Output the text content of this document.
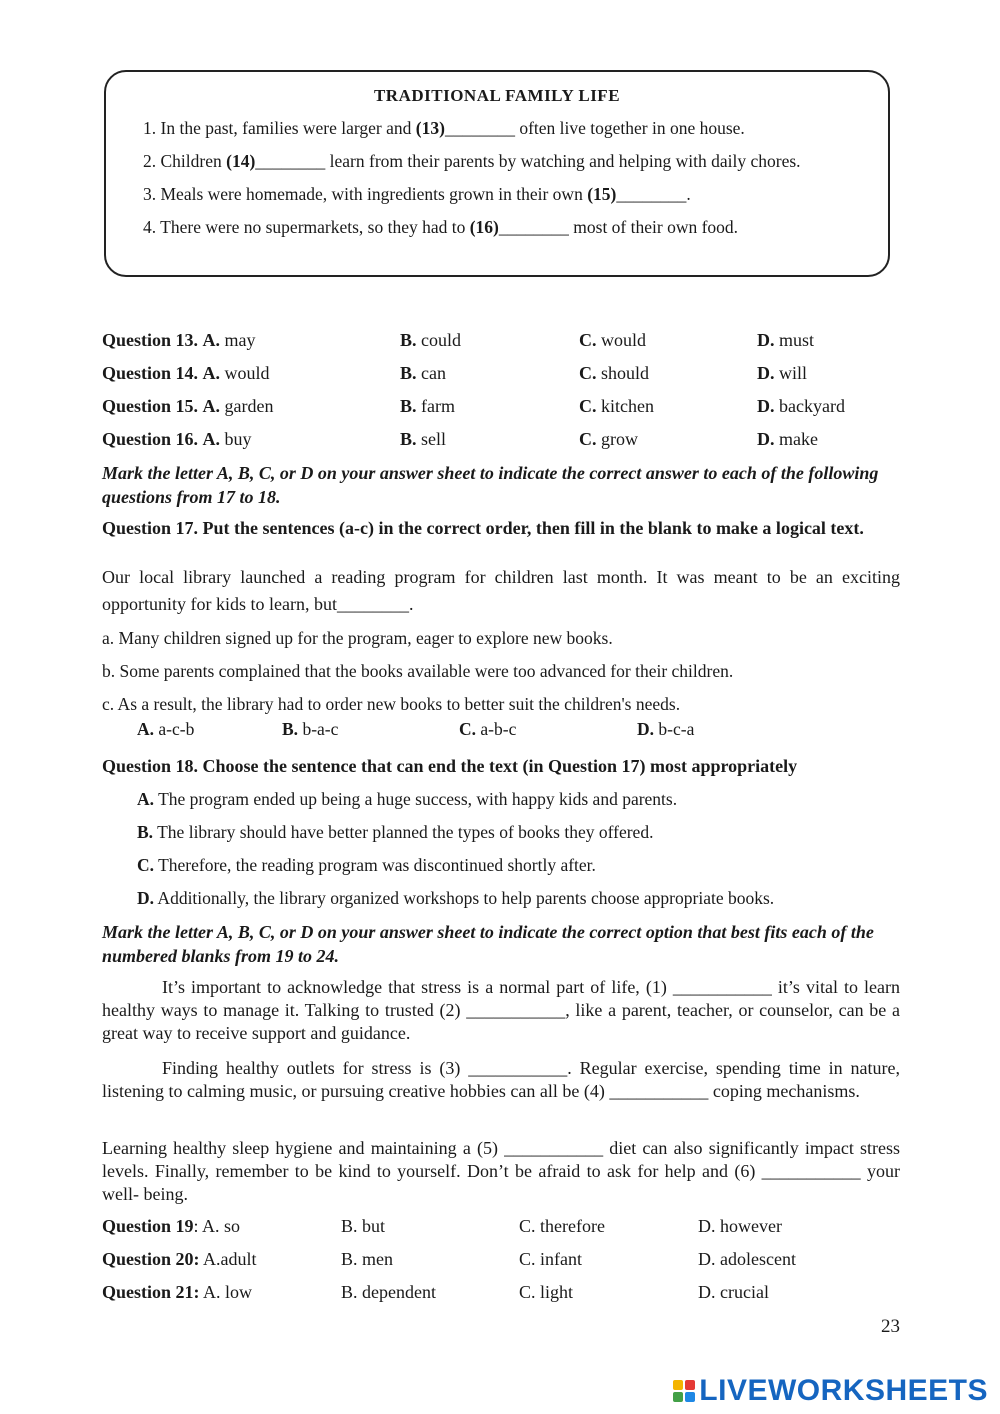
TRADITIONAL FAMILY LIFE
1. In the past, families were larger and (13)________ often live together in one house.
2. Children (14)________ learn from their parents by watching and helping with daily chores.
3. Meals were homemade, with ingredients grown in their own (15)________.
4. There were no supermarkets, so they had to (16)________ most of their own food.
Question 13. A. may	B. could	C. would	D. must
Question 14. A. would	B. can	C. should	D. will
Question 15. A. garden	B. farm	C. kitchen	D. backyard
Question 16. A. buy	B. sell	C. grow	D. make
Mark the letter A, B, C, or D on your answer sheet to indicate the correct answer to each of the following questions from 17 to 18.
Question 17. Put the sentences (a-c) in the correct order, then fill in the blank to make a logical text.
Our local library launched a reading program for children last month. It was meant to be an exciting opportunity for kids to learn, but________.
a. Many children signed up for the program, eager to explore new books.
b. Some parents complained that the books available were too advanced for their children.
c. As a result, the library had to order new books to better suit the children's needs.
A. a-c-b	B. b-a-c	C. a-b-c	D. b-c-a
Question 18. Choose the sentence that can end the text (in Question 17) most appropriately
A. The program ended up being a huge success, with happy kids and parents.
B. The library should have better planned the types of books they offered.
C. Therefore, the reading program was discontinued shortly after.
D. Additionally, the library organized workshops to help parents choose appropriate books.
Mark the letter A, B, C, or D on your answer sheet to indicate the correct option that best fits each of the numbered blanks from 19 to 24.
It’s important to acknowledge that stress is a normal part of life, (1) ___________ it’s vital to learn healthy ways to manage it. Talking to trusted (2) ___________, like a parent, teacher, or counselor, can be a great way to receive support and guidance.
Finding healthy outlets for stress is (3) ___________. Regular exercise, spending time in nature, listening to calming music, or pursuing creative hobbies can all be (4) ___________ coping mechanisms.
Learning healthy sleep hygiene and maintaining a (5) ___________ diet can also significantly impact stress levels. Finally, remember to be kind to yourself. Don’t be afraid to ask for help and (6) ___________ your well- being.
Question 19: A. so	B. but	C. therefore	D. however
Question 20: A.adult	B. men	C. infant	D. adolescent
Question 21: A. low	B. dependent	C. light	D. crucial
23
LIVEWORKSHEETS
